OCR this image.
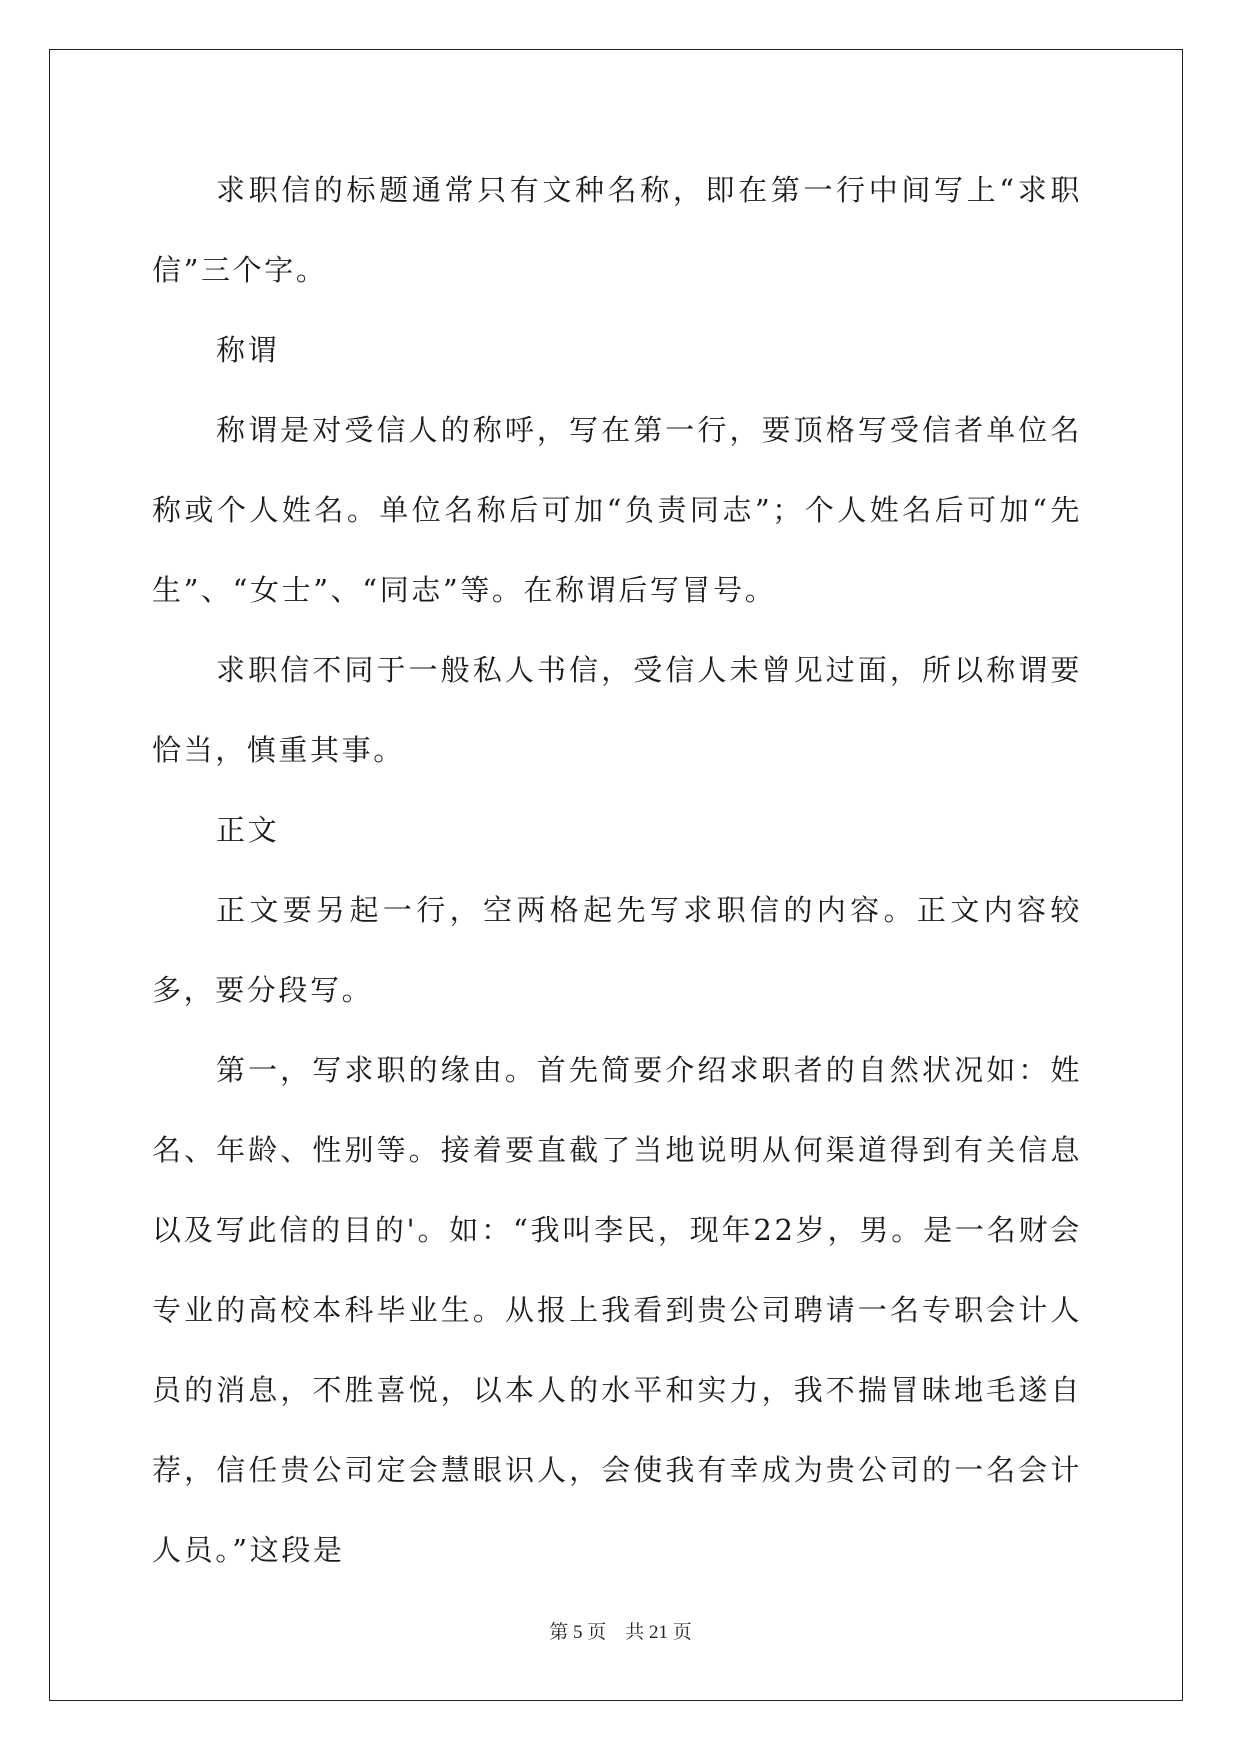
求职信的标题通常只有文种名称，即在第一行中间写上“求职信”三个字。

称谓

称谓是对受信人的称呼，写在第一行，要顶格写受信者单位名称或个人姓名。单位名称后可加“负责同志”；个人姓名后可加“先生”、“女士”、“同志”等。在称谓后写冒号。

求职信不同于一般私人书信，受信人未曾见过面，所以称谓要恰当，慎重其事。

正文

正文要另起一行，空两格起先写求职信的内容。正文内容较多，要分段写。

第一，写求职的缘由。首先简要介绍求职者的自然状况如：姓名、年龄、性别等。接着要直截了当地说明从何渠道得到有关信息以及写此信的目的'。如：“我叫李民，现年22岁，男。是一名财会专业的高校本科毕业生。从报上我看到贵公司聘请一名专职会计人员的消息，不胜喜悦，以本人的水平和实力，我不揣冒昧地毛遂自荐，信任贵公司定会慧眼识人，会使我有幸成为贵公司的一名会计人员。”这段是

第 5 页    共 21 页
